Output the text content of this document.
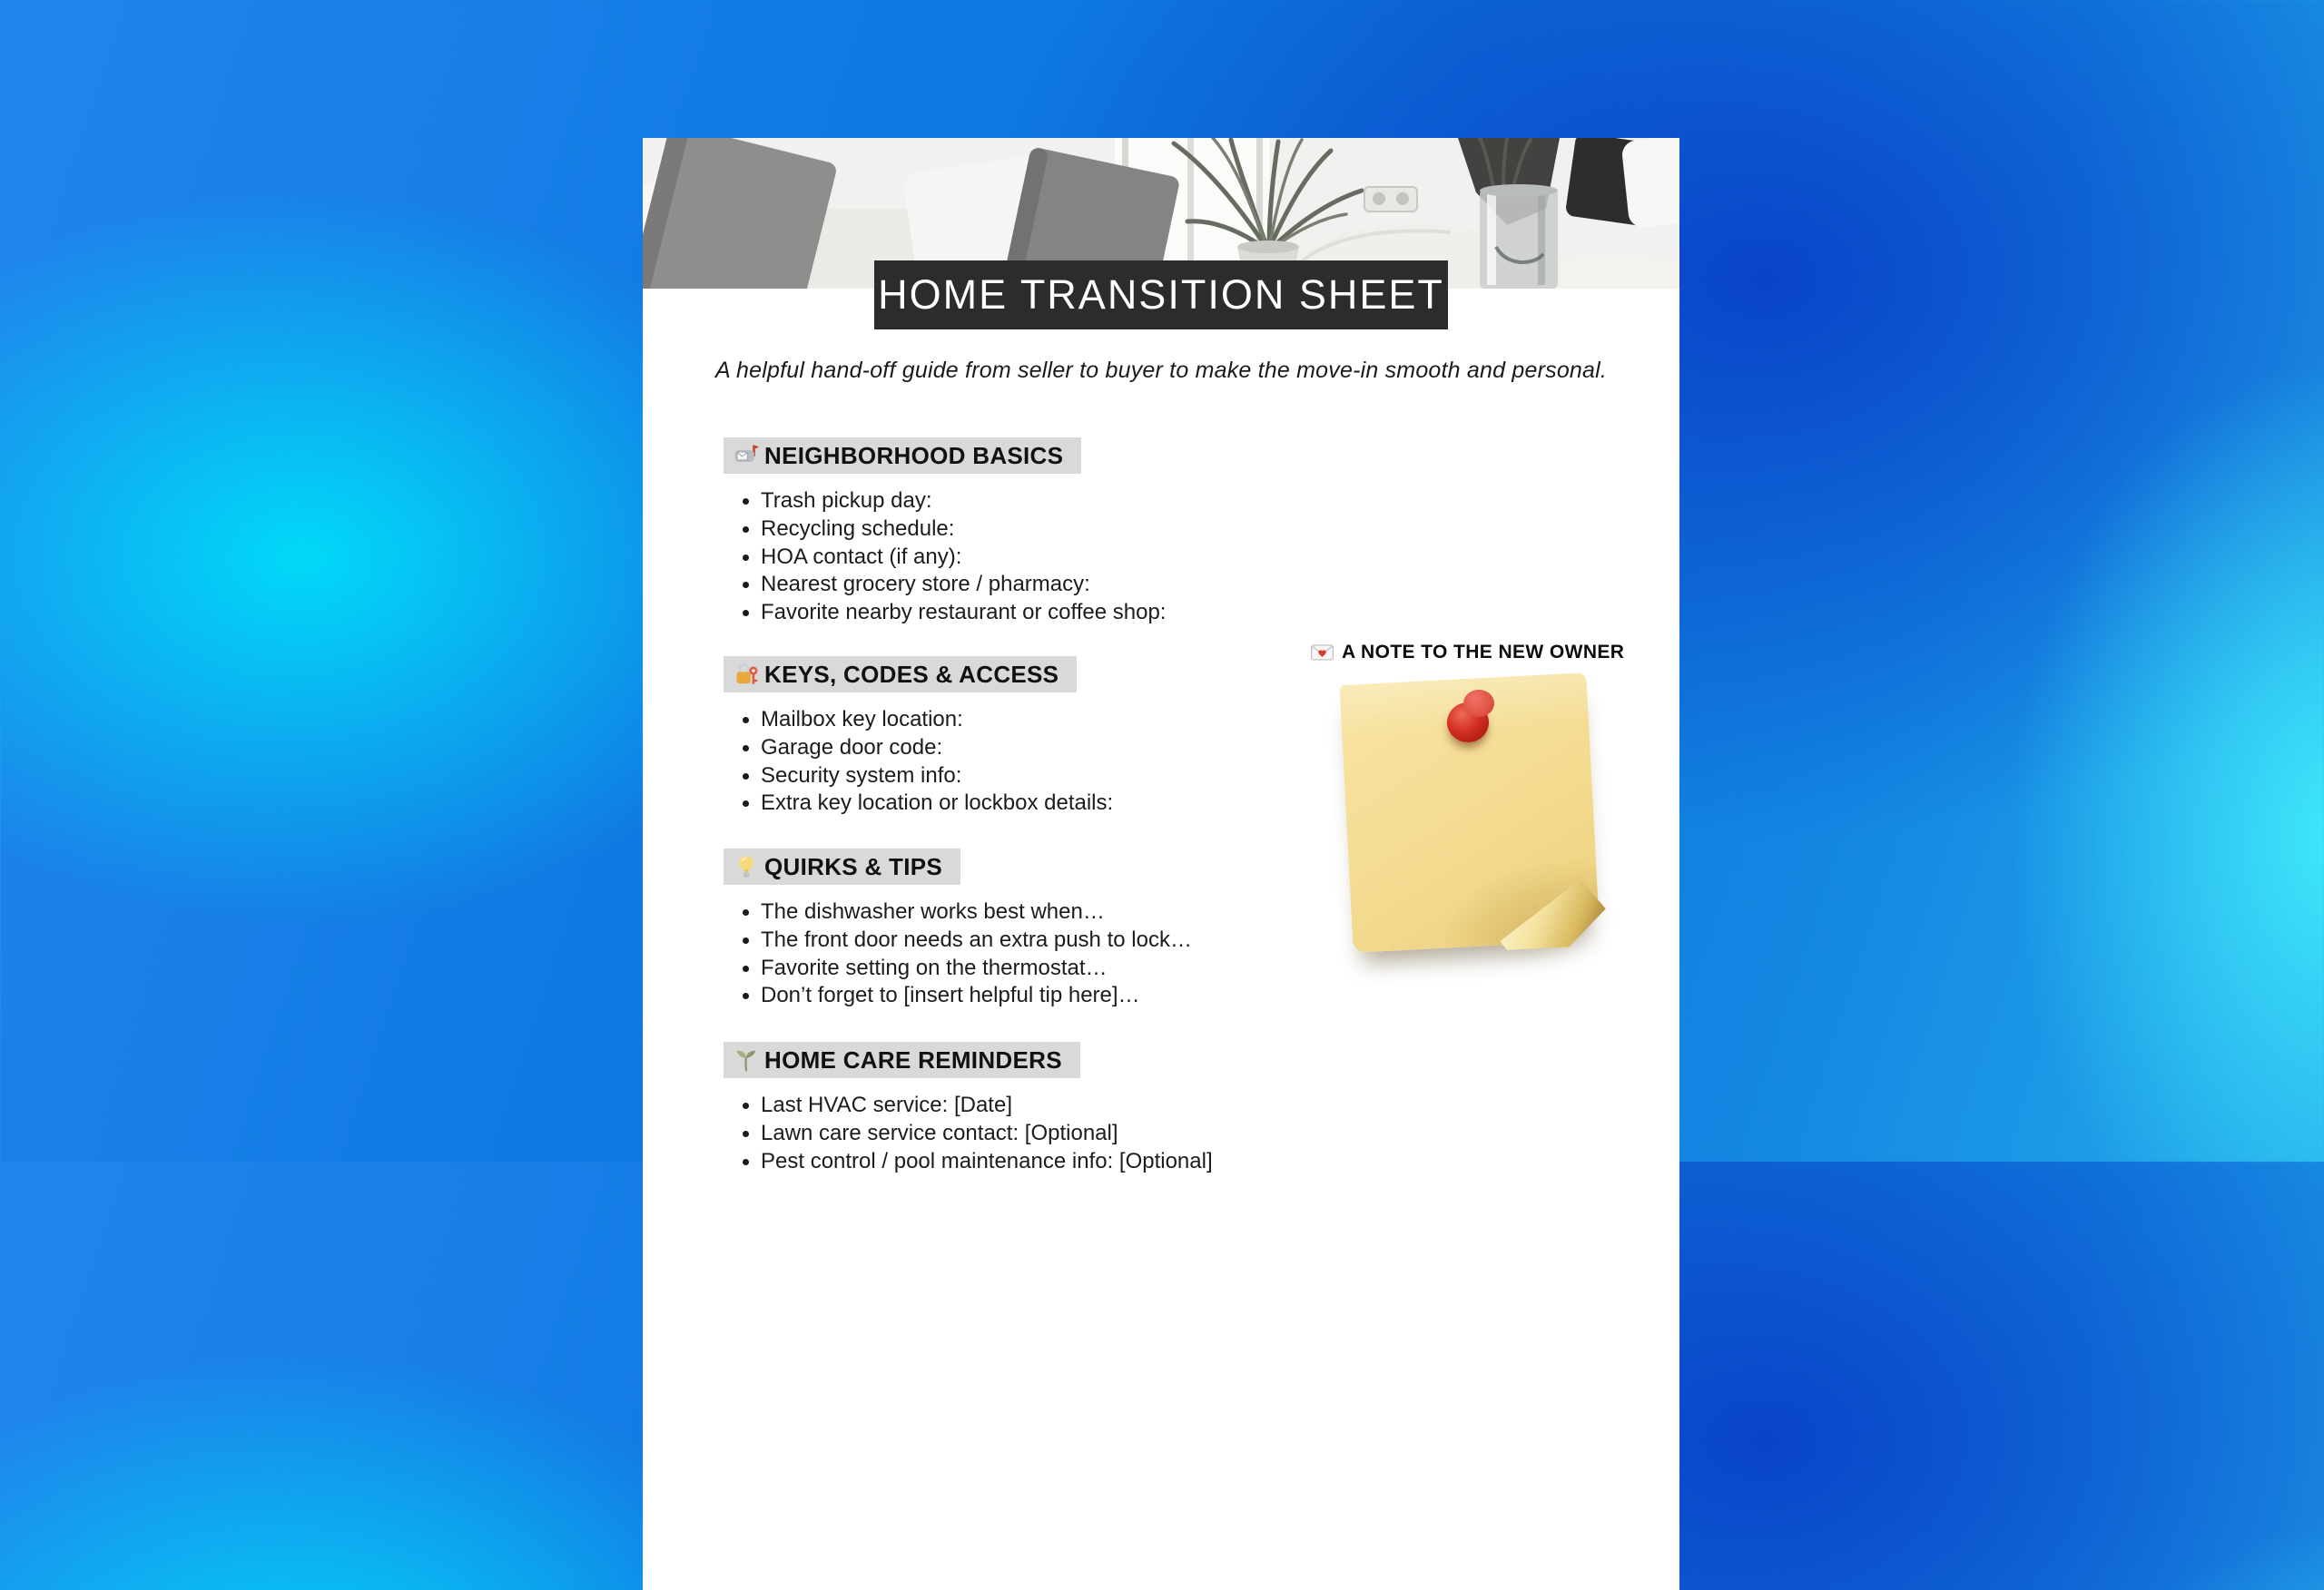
HOME TRANSITION SHEET

A helpful hand-off guide from seller to buyer to make the move-in smooth and personal.

NEIGHBORHOOD BASICS
Trash pickup day:
Recycling schedule:
HOA contact (if any):
Nearest grocery store / pharmacy:
Favorite nearby restaurant or coffee shop:
KEYS, CODES & ACCESS
Mailbox key location:
Garage door code:
Security system info:
Extra key location or lockbox details:
QUIRKS & TIPS
The dishwasher works best when…
The front door needs an extra push to lock…
Favorite setting on the thermostat…
Don’t forget to [insert helpful tip here]…
HOME CARE REMINDERS
Last HVAC service: [Date]
Lawn care service contact: [Optional]
Pest control / pool maintenance info: [Optional]
A NOTE TO THE NEW OWNER
